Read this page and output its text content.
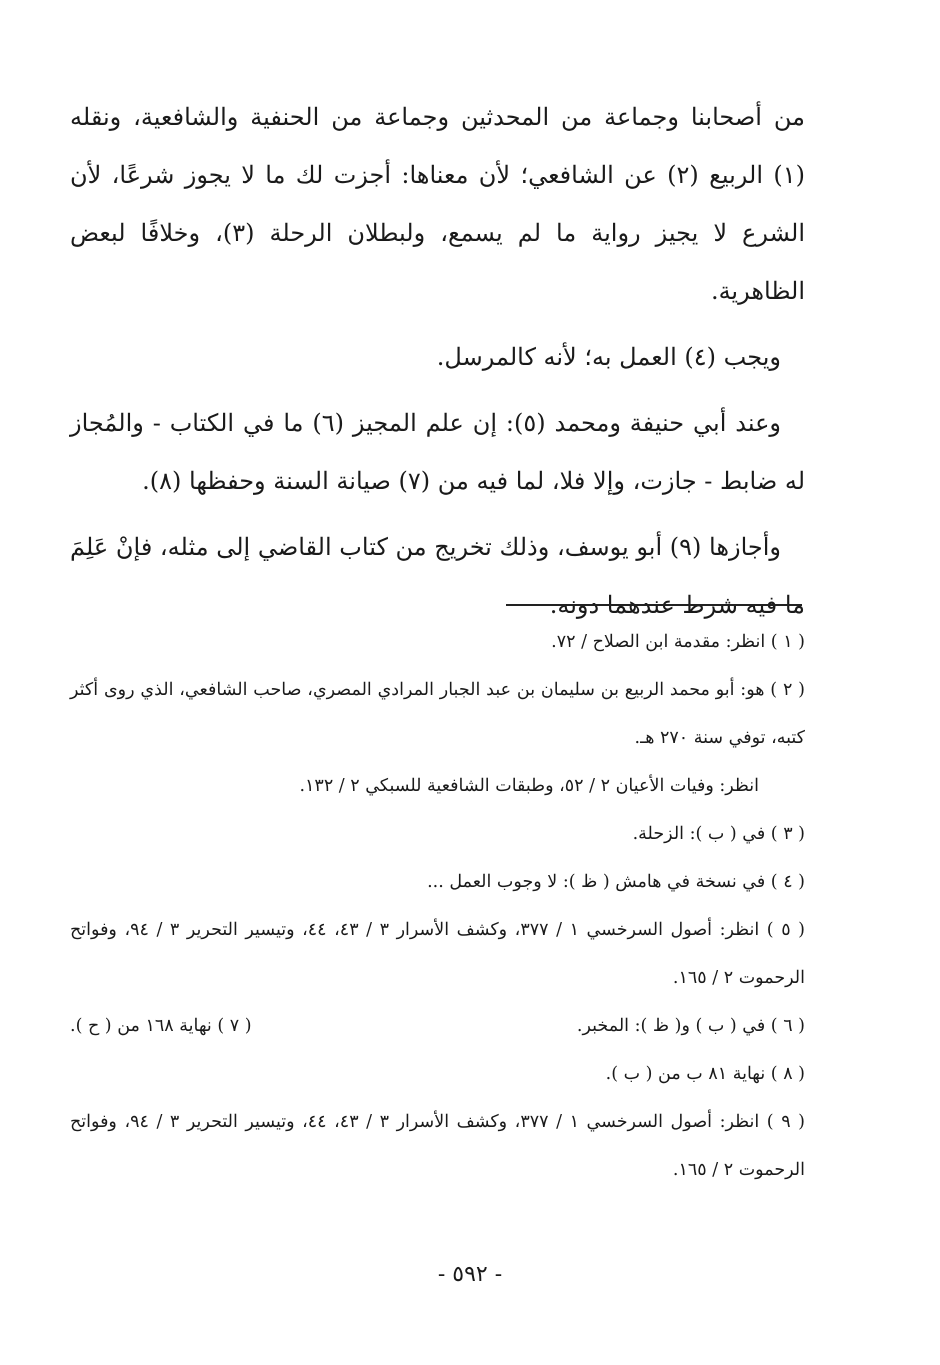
من أصحابنا وجماعة من المحدثين وجماعة من الحنفية والشافعية، ونقله (١) الربيع (٢) عن الشافعي؛ لأن معناها: أجزت لك ما لا يجوز شرعًا، لأن الشرع لا يجيز رواية ما لم يسمع، ولبطلان الرحلة (٣)، وخلافًا لبعض الظاهرية.

ويجب (٤) العمل به؛ لأنه كالمرسل.

وعند أبي حنيفة ومحمد (٥): إن علم المجيز (٦) ما في الكتاب - والمُجاز له ضابط - جازت، وإلا فلا، لما فيه من (٧) صيانة السنة وحفظها (٨).

وأجازها (٩) أبو يوسف، وذلك تخريج من كتاب القاضي إلى مثله، فإنْ عَلِمَ ما فيه شرط عندهما دونه.

( ١ ) انظر: مقدمة ابن الصلاح / ٧٢.

( ٢ ) هو: أبو محمد الربيع بن سليمان بن عبد الجبار المرادي المصري، صاحب الشافعي، الذي روى أكثر كتبه، توفي سنة ٢٧٠ هـ.

انظر: وفيات الأعيان ٢ / ٥٢، وطبقات الشافعية للسبكي ٢ / ١٣٢.

( ٣ ) في ( ب ): الزحلة.

( ٤ ) في نسخة في هامش ( ظ ): لا وجوب العمل ...

( ٥ ) انظر: أصول السرخسي ١ / ٣٧٧، وكشف الأسرار ٣ / ٤٣، ٤٤، وتيسير التحرير ٣ / ٩٤، وفواتح الرحموت ٢ / ١٦٥.

( ٦ ) في ( ب ) و( ظ ): المخبر.
( ٧ ) نهاية ١٦٨ من ( ح ).

( ٨ ) نهاية ٨١ ب من ( ب ).

( ٩ ) انظر: أصول السرخسي ١ / ٣٧٧، وكشف الأسرار ٣ / ٤٣، ٤٤، وتيسير التحرير ٣ / ٩٤، وفواتح الرحموت ٢ / ١٦٥.

- ٥٩٢ -
